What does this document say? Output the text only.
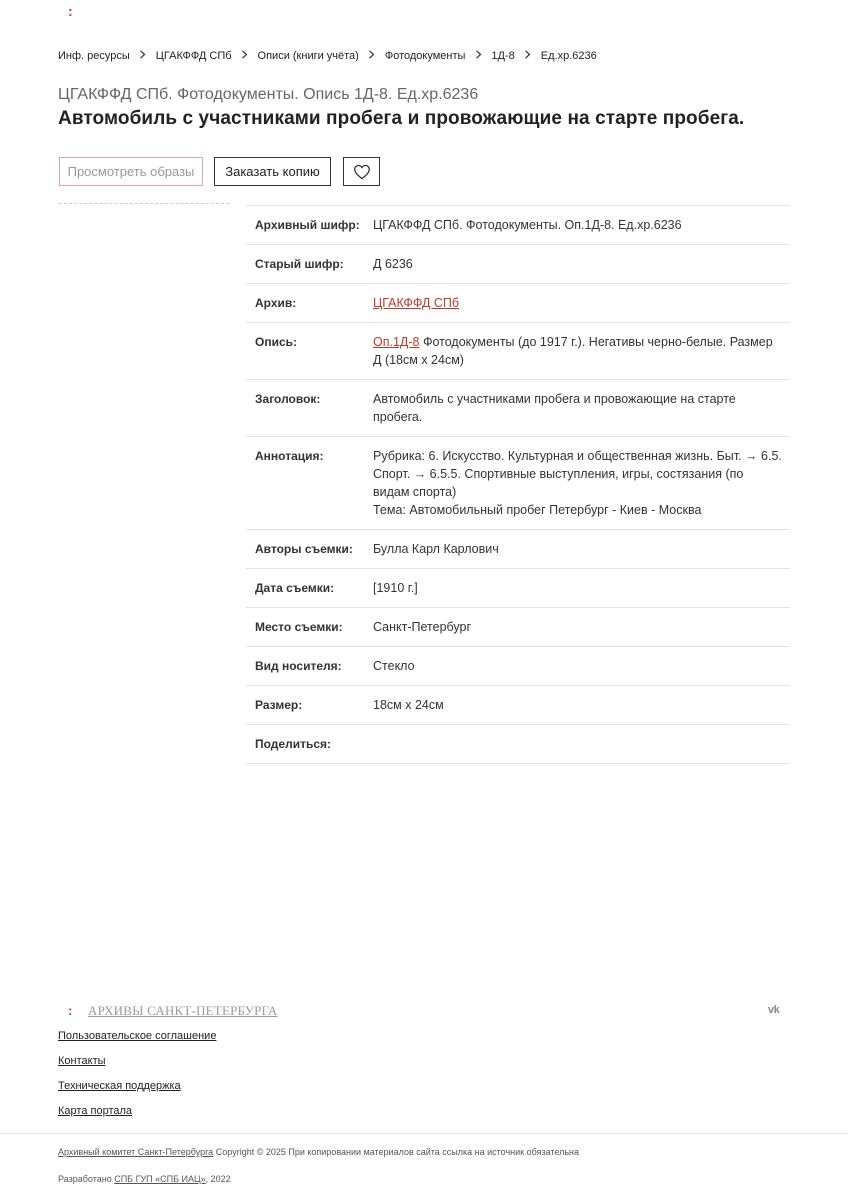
:
Инф. ресурсы ЦГАКФФД СПб Описи (книги учёта) Фотодокументы 1Д-8 Ед.хр.6236
ЦГАКФФД СПб. Фотодокументы. Опись 1Д-8. Ед.хр.6236
Автомобиль с участниками пробега и провожающие на старте пробега.
Просмотреть образы	Заказать копию
Архивный шифр:	ЦГАКФФД СПб. Фотодокументы. Оп.1Д-8. Ед.хр.6236
Старый шифр:	Д 6236
Архив:	ЦГАКФФД СПб
Опись:	Оп.1Д-8 Фотодокументы (до 1917 г.). Негативы черно-белые. Размер Д (18см х 24см)
Заголовок:	Автомобиль с участниками пробега и провожающие на старте пробега.
Аннотация:	Рубрика: 6. Искусство. Культурная и общественная жизнь. Быт. → 6.5. Спорт. → 6.5.5. Спортивные выступления, игры, состязания (по видам спорта)
Тема: Автомобильный пробег Петербург - Киев - Москва
Авторы съемки:	Булла Карл Карлович
Дата съемки:	[1910 г.]
Место съемки:	Санкт-Петербург
Вид носителя:	Стекло
Размер:	18см х 24см
Поделиться:
: АРХИВЫ САНКТ-ПЕТЕРБУРГА	vk
Пользовательское соглашение
Контакты
Техническая поддержка
Карта портала
Архивный комитет Санкт-Петербурга Copyright © 2025 При копировании материалов сайта ссылка на источник обязательна
Разработано СПБ ГУП «СПБ ИАЦ», 2022
